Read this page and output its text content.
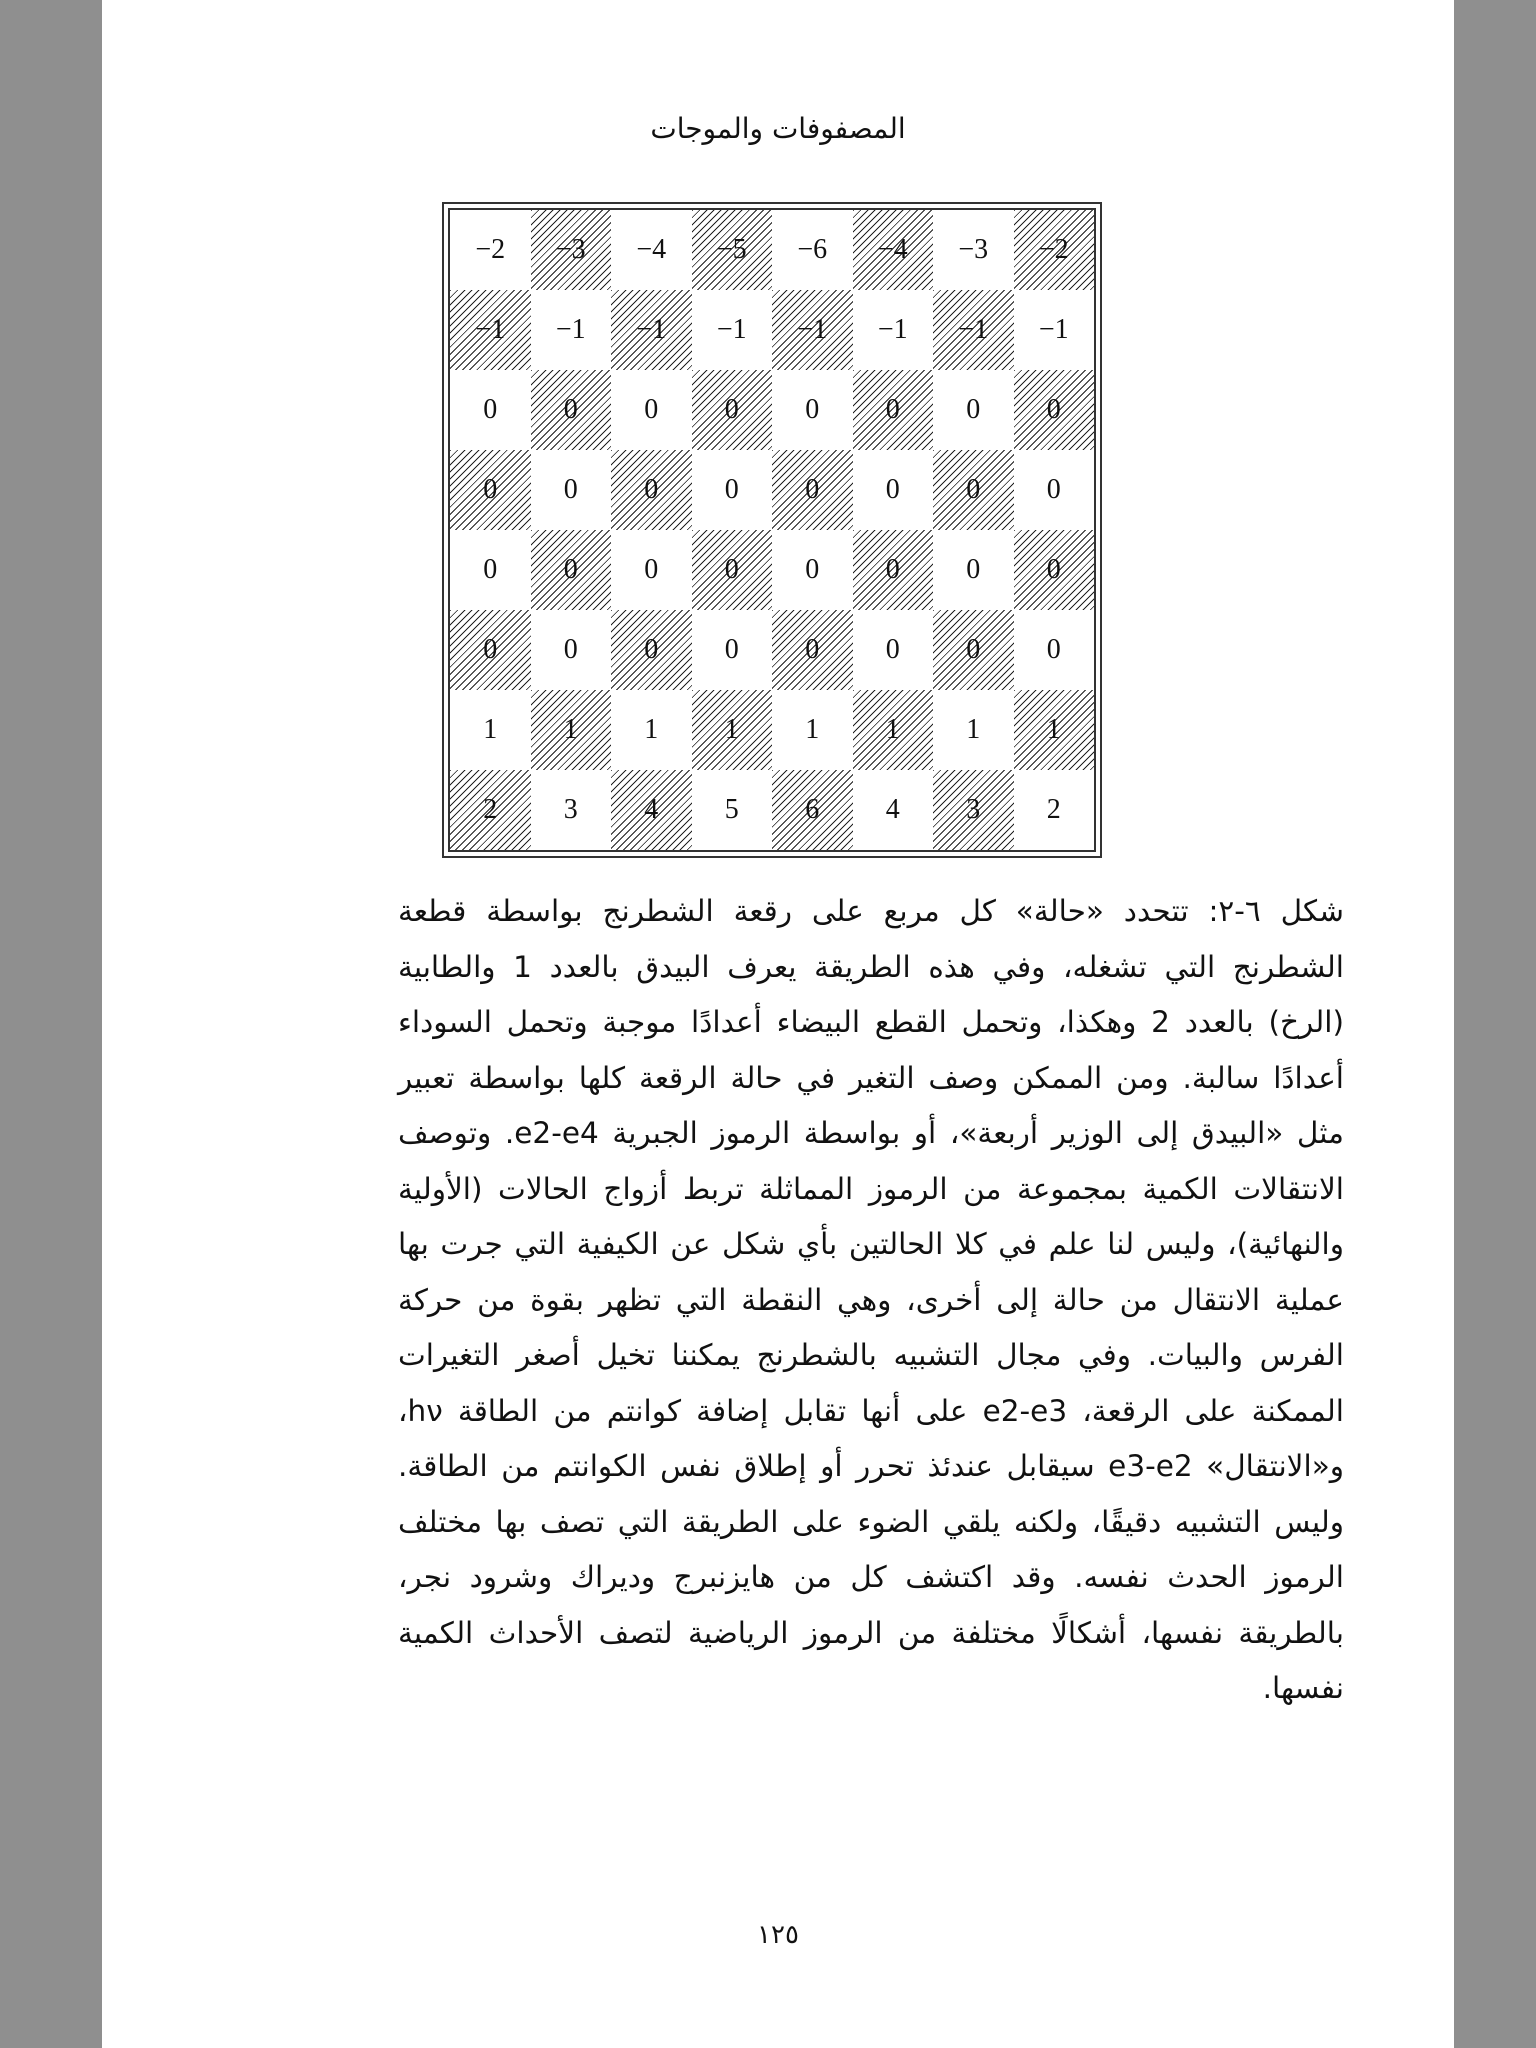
المصفوفات والموجات
−2 −3 −4 −5 −6 −4 −3 −2
−1 −1 −1 −1 −1 −1 −1 −1
0 0 0 0 0 0 0 0
0 0 0 0 0 0 0 0
0 0 0 0 0 0 0 0
0 0 0 0 0 0 0 0
1 1 1 1 1 1 1 1
2 3 4 5 6 4 3 2

شكل ٦-٢: تتحدد «حالة» كل مربع على رقعة الشطرنج بواسطة قطعة الشطرنج التي تشغله، وفي هذه الطريقة يعرف البيدق بالعدد 1 والطابية (الرخ) بالعدد 2 وهكذا، وتحمل القطع البيضاء أعدادًا موجبة وتحمل السوداء أعدادًا سالبة. ومن الممكن وصف التغير في حالة الرقعة كلها بواسطة تعبير مثل «البيدق إلى الوزير أربعة»، أو بواسطة الرموز الجبرية e2-e4. وتوصف الانتقالات الكمية بمجموعة من الرموز المماثلة تربط أزواج الحالات (الأولية والنهائية)، وليس لنا علم في كلا الحالتين بأي شكل عن الكيفية التي جرت بها عملية الانتقال من حالة إلى أخرى، وهي النقطة التي تظهر بقوة من حركة الفرس والبيات. وفي مجال التشبيه بالشطرنج يمكننا تخيل أصغر التغيرات الممكنة على الرقعة، e2-e3 على أنها تقابل إضافة كوانتم من الطاقة hν، و«الانتقال» e3-e2 سيقابل عندئذ تحرر أو إطلاق نفس الكوانتم من الطاقة. وليس التشبيه دقيقًا، ولكنه يلقي الضوء على الطريقة التي تصف بها مختلف الرموز الحدث نفسه. وقد اكتشف كل من هايزنبرج وديراك وشرود نجر، بالطريقة نفسها، أشكالًا مختلفة من الرموز الرياضية لتصف الأحداث الكمية نفسها.

١٢٥
